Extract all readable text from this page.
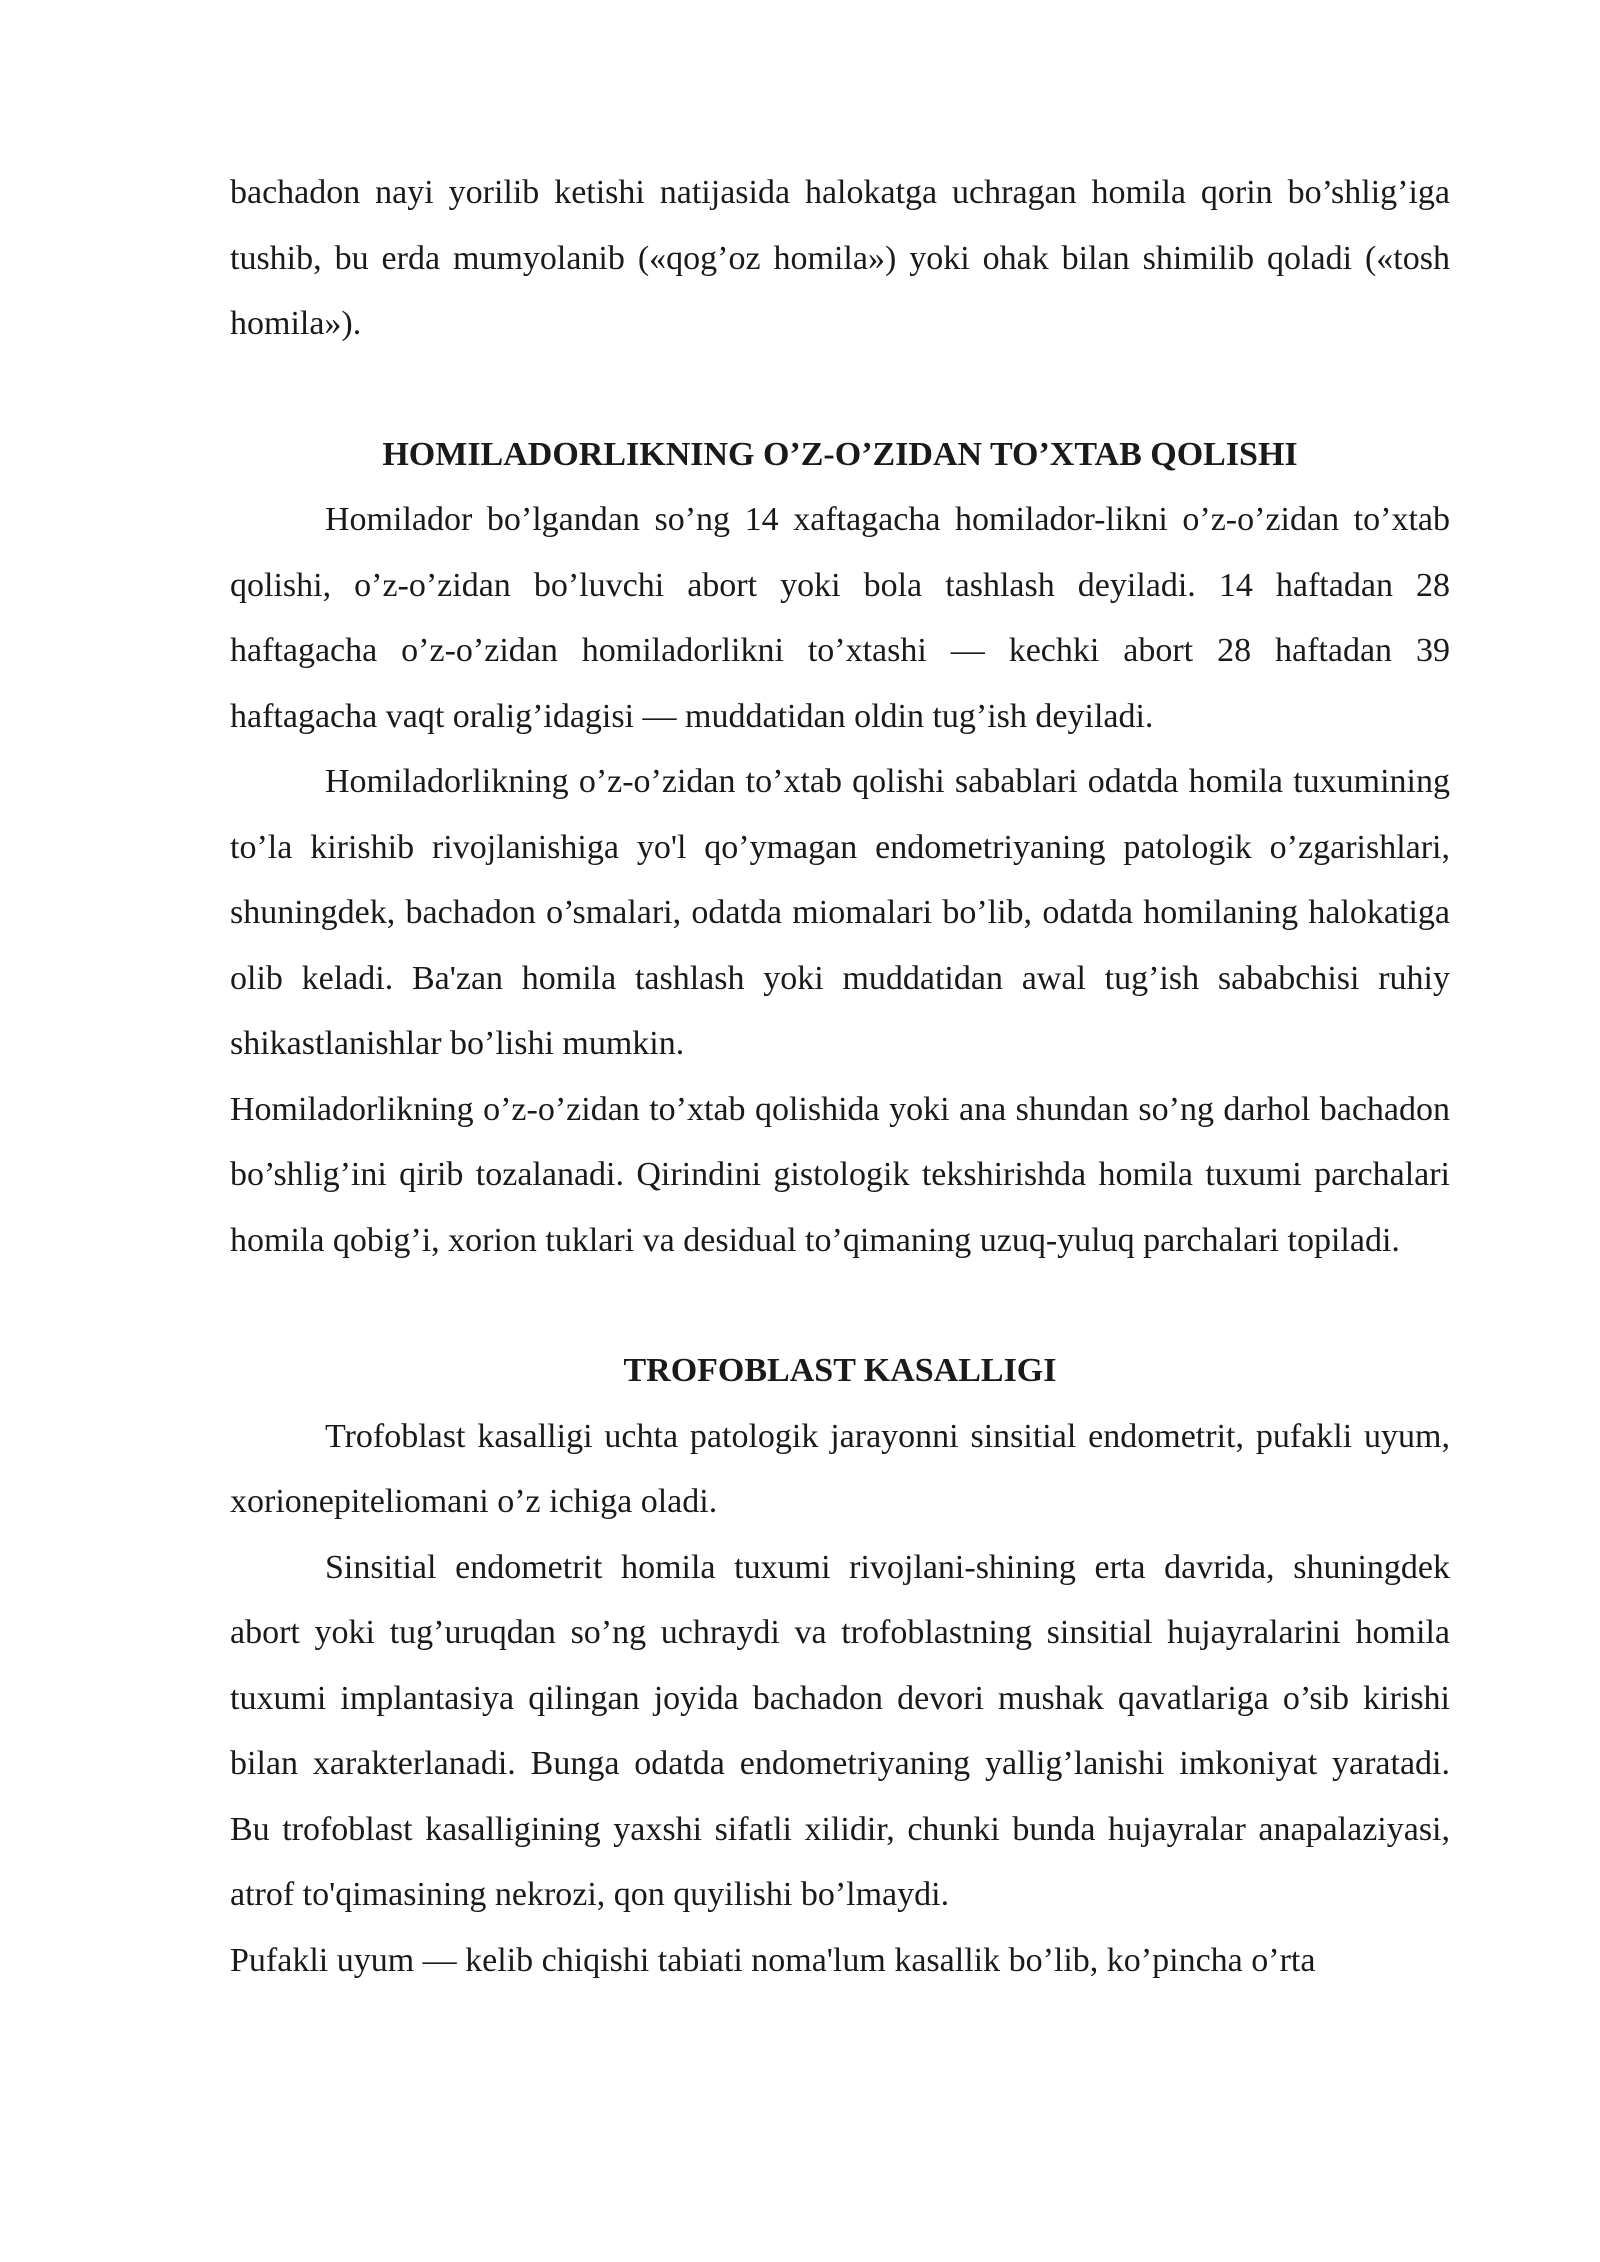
bachadon nayi yorilib ketishi natijasida halokatga uchragan homila qorin bo’shlig’iga tushib, bu erda mumyolanib («qog’oz homila») yoki ohak bilan shimilib qoladi («tosh homila»).

HOMILADORLIKNING O’Z-O’ZIDAN TO’XTAB QOLISHI

Homilador bo’lgandan so’ng 14 xaftagacha homilador-likni o’z-o’zidan to’xtab qolishi, o’z-o’zidan bo’luvchi abort yoki bola tashlash deyiladi. 14 haftadan 28 haftagacha o’z-o’zidan homiladorlikni to’xtashi — kechki abort 28 haftadan 39 haftagacha vaqt oralig’idagisi — muddatidan oldin tug’ish deyiladi.

Homiladorlikning o’z-o’zidan to’xtab qolishi sabablari odatda homila tuxumining to’la kirishib rivojlanishiga yo'l qo’ymagan endometriyaning patologik o’zgarishlari, shuningdek, bachadon o’smalari, odatda miomalari bo’lib, odatda homilaning halokatiga olib keladi. Ba'zan homila tashlash yoki muddatidan awal tug’ish sababchisi ruhiy shikastlanishlar bo’lishi mumkin.

Homiladorlikning o’z-o’zidan to’xtab qolishida yoki ana shundan so’ng darhol bachadon bo’shlig’ini qirib tozalanadi. Qirindini gistologik tekshirishda homila tuxumi parchalari homila qobig’i, xorion tuklari va desidual to’qimaning uzuq-yuluq parchalari topiladi.

TROFOBLAST KASALLIGI

Trofoblast kasalligi uchta patologik jarayonni sinsitial endometrit, pufakli uyum, xorionepiteliomani o’z ichiga oladi.

Sinsitial endometrit homila tuxumi rivojlani-shining erta davrida, shuningdek abort yoki tug’uruqdan so’ng uchraydi va trofoblastning sinsitial hujayralarini homila tuxumi implantasiya qilingan joyida bachadon devori mushak qavatlariga o’sib kirishi bilan xarakterlanadi. Bunga odatda endometriyaning yallig’lanishi imkoniyat yaratadi. Bu trofoblast kasalligining yaxshi sifatli xilidir, chunki bunda hujayralar anapalaziyasi, atrof to'qimasining nekrozi, qon quyilishi bo’lmaydi.

Pufakli uyum — kelib chiqishi tabiati noma'lum kasallik bo’lib, ko’pincha o’rta
